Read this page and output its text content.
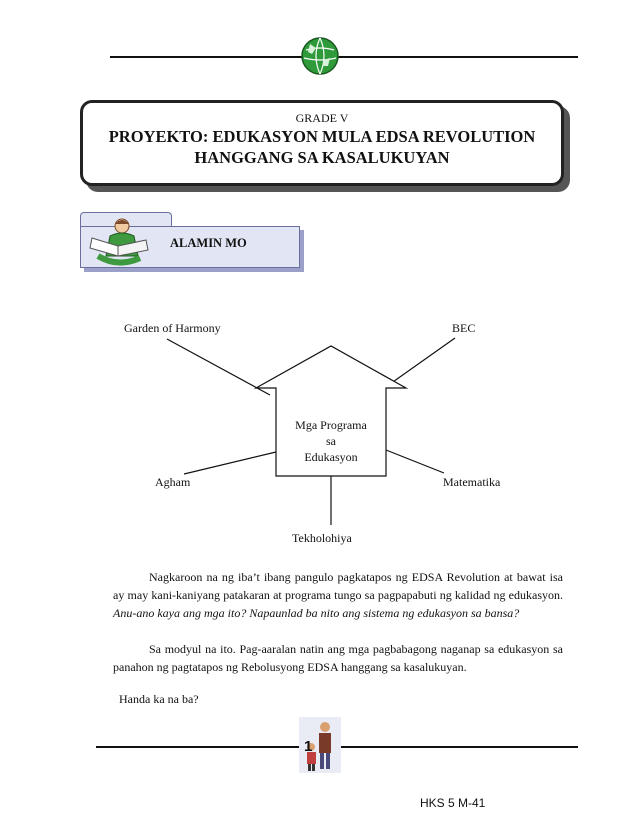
GRADE V
PROYEKTO: EDUKASYON MULA EDSA REVOLUTION
HANGGANG SA KASALUKUYAN
ALAMIN MO
Garden of Harmony	BEC
Agham	Matematika
Tekholohiya
Mga Programa
sa
Edukasyon
Nagkaroon na ng iba’t ibang pangulo pagkatapos ng EDSA Revolution at bawat isa ay may kani-kaniyang patakaran at programa tungo sa pagpapabuti ng kalidad ng edukasyon. Anu-ano kaya ang mga ito? Napaunlad ba nito ang sistema ng edukasyon sa bansa?
Sa modyul na ito. Pag-aaralan natin ang mga pagbabagong naganap sa edukasyon sa panahon ng pagtatapos ng Rebolusyong EDSA hanggang sa kasalukuyan.
Handa ka na ba?
1
HKS 5 M-41
